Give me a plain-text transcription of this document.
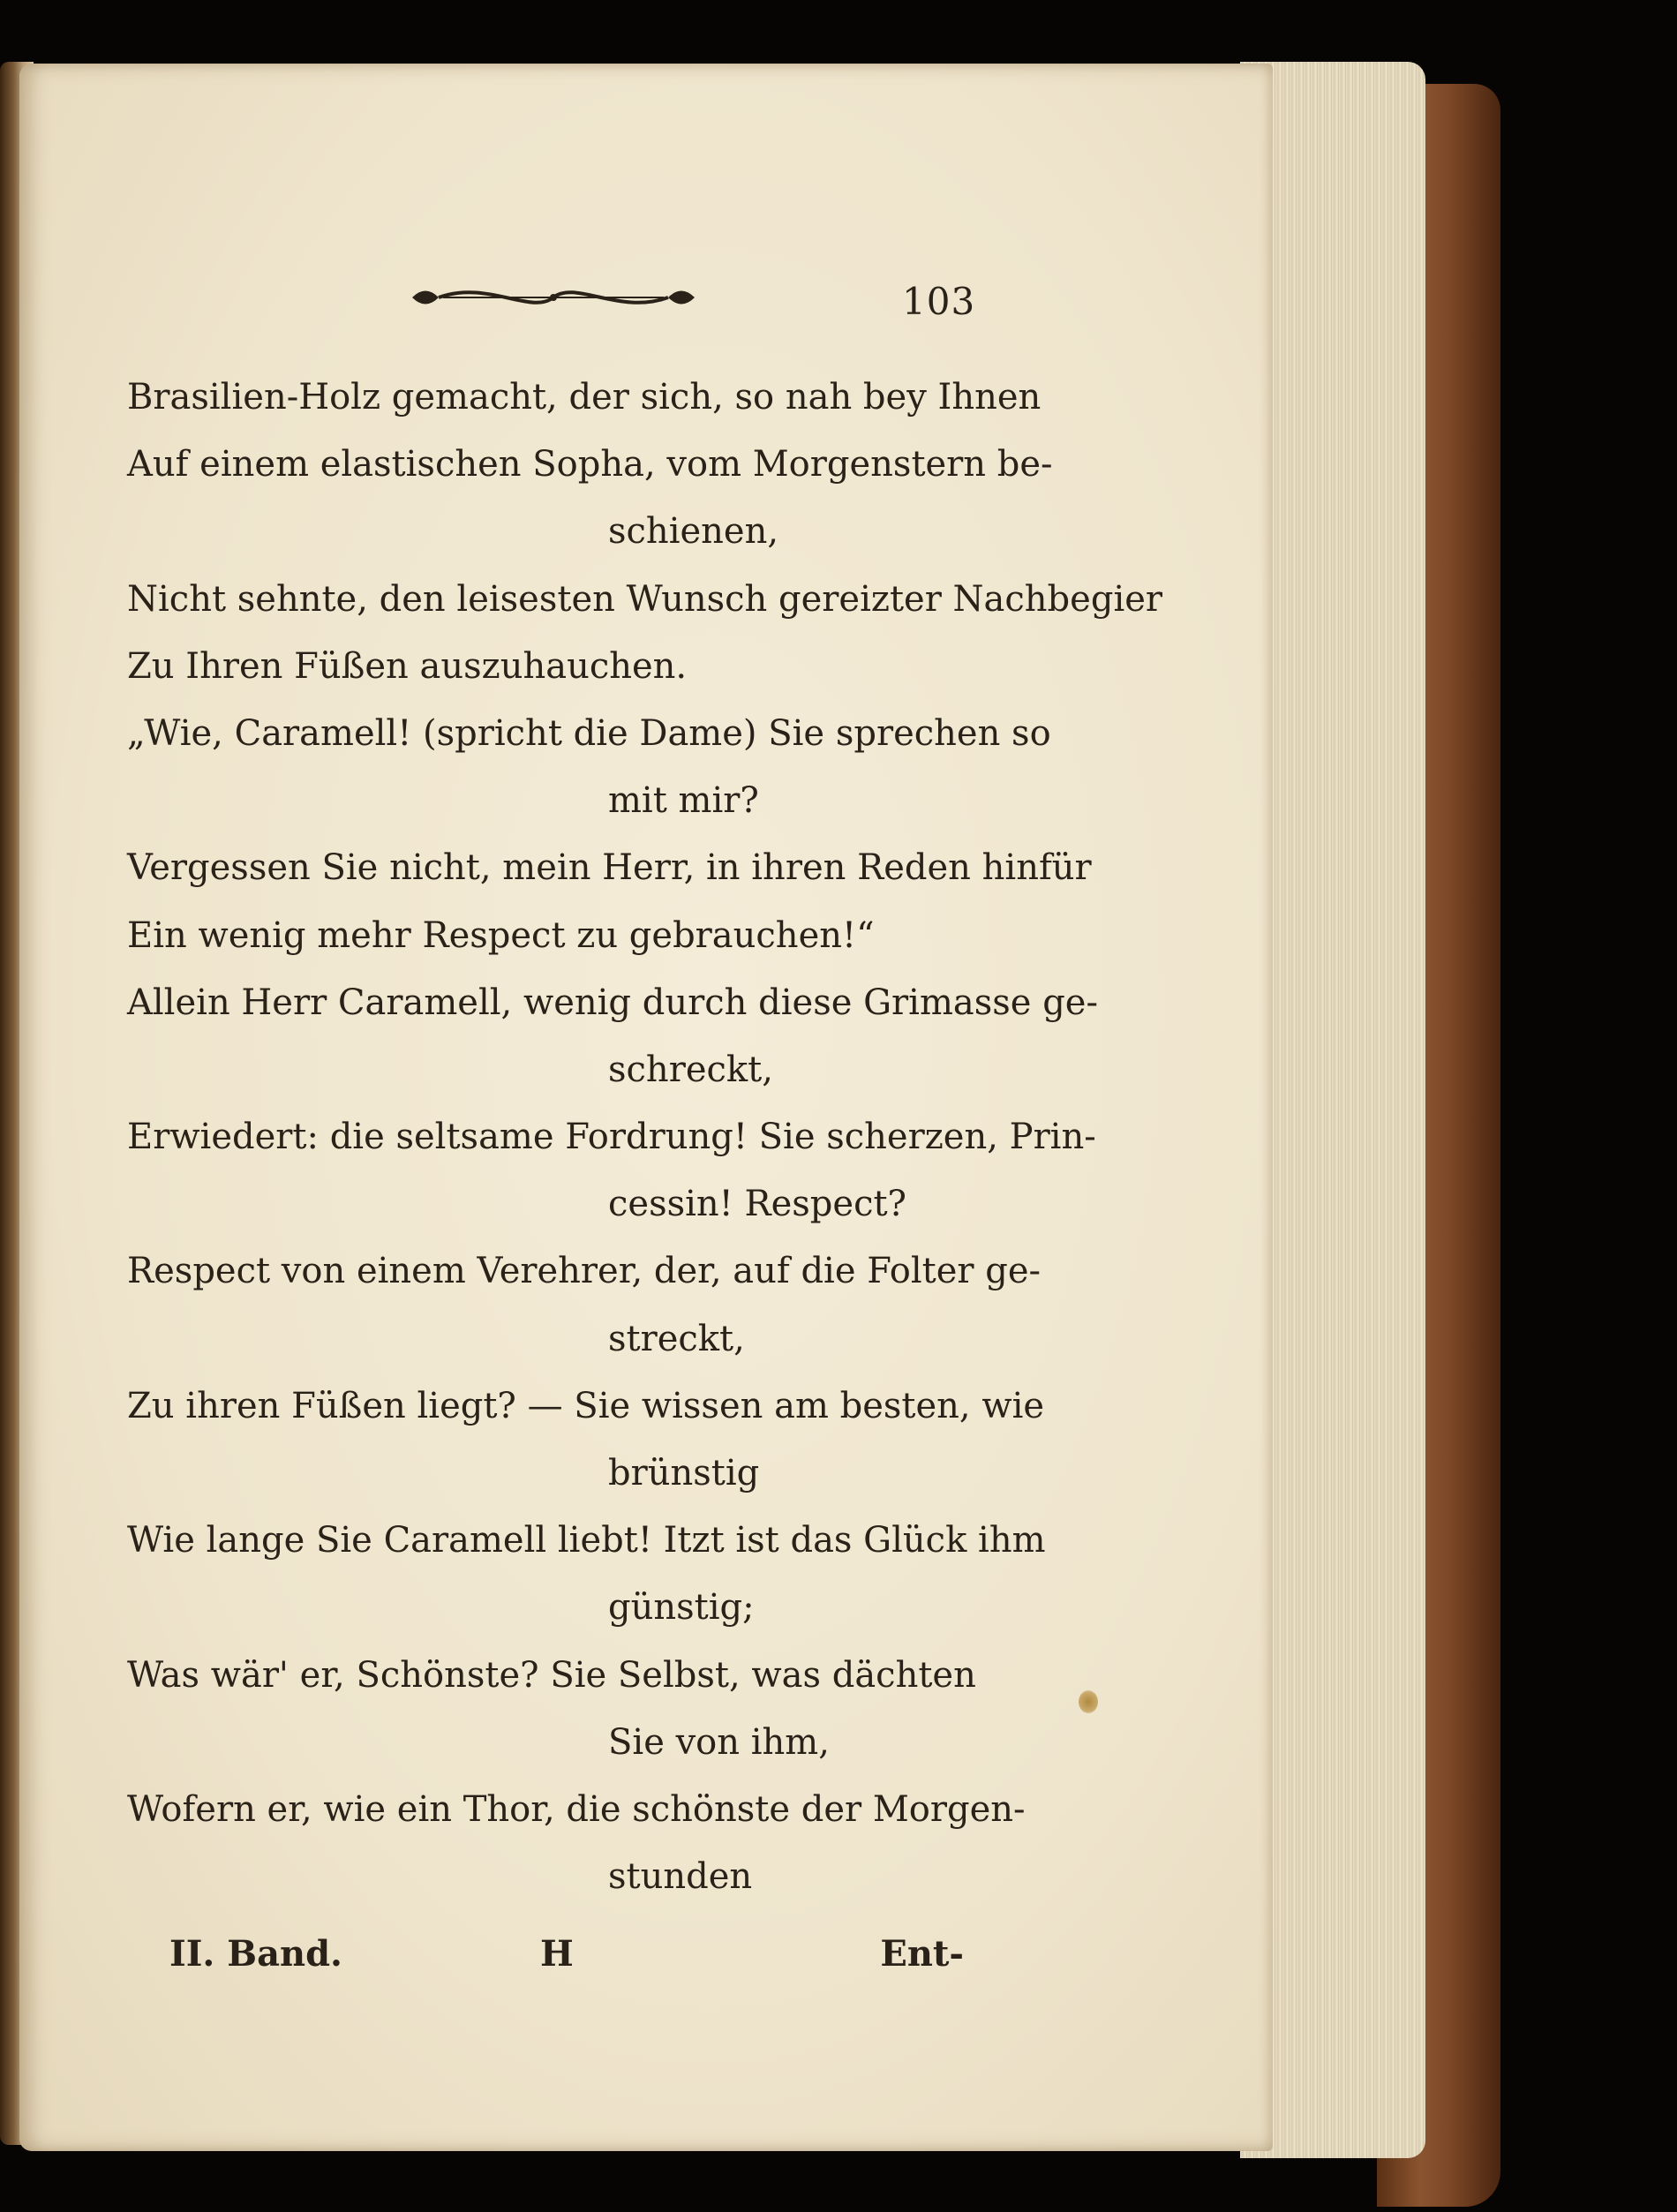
103
Brasilien-Holz gemacht, der sich, so nah bey Ihnen
Auf einem elastischen Sopha, vom Morgenstern be-
schienen,
Nicht sehnte, den leisesten Wunsch gereizter Nachbegier
Zu Ihren Füßen auszuhauchen.
„Wie, Caramell! (spricht die Dame) Sie sprechen so
mit mir?
Vergessen Sie nicht, mein Herr, in ihren Reden hinfür
Ein wenig mehr Respect zu gebrauchen!“
Allein Herr Caramell, wenig durch diese Grimasse ge-
schreckt,
Erwiedert: die seltsame Fordrung! Sie scherzen, Prin-
cessin! Respect?
Respect von einem Verehrer, der, auf die Folter ge-
streckt,
Zu ihren Füßen liegt? — Sie wissen am besten, wie
brünstig
Wie lange Sie Caramell liebt! Itzt ist das Glück ihm
günstig;
Was wär' er, Schönste? Sie Selbst, was dächten
Sie von ihm,
Wofern er, wie ein Thor, die schönste der Morgen-
stunden
II. Band.	H	Ent-
